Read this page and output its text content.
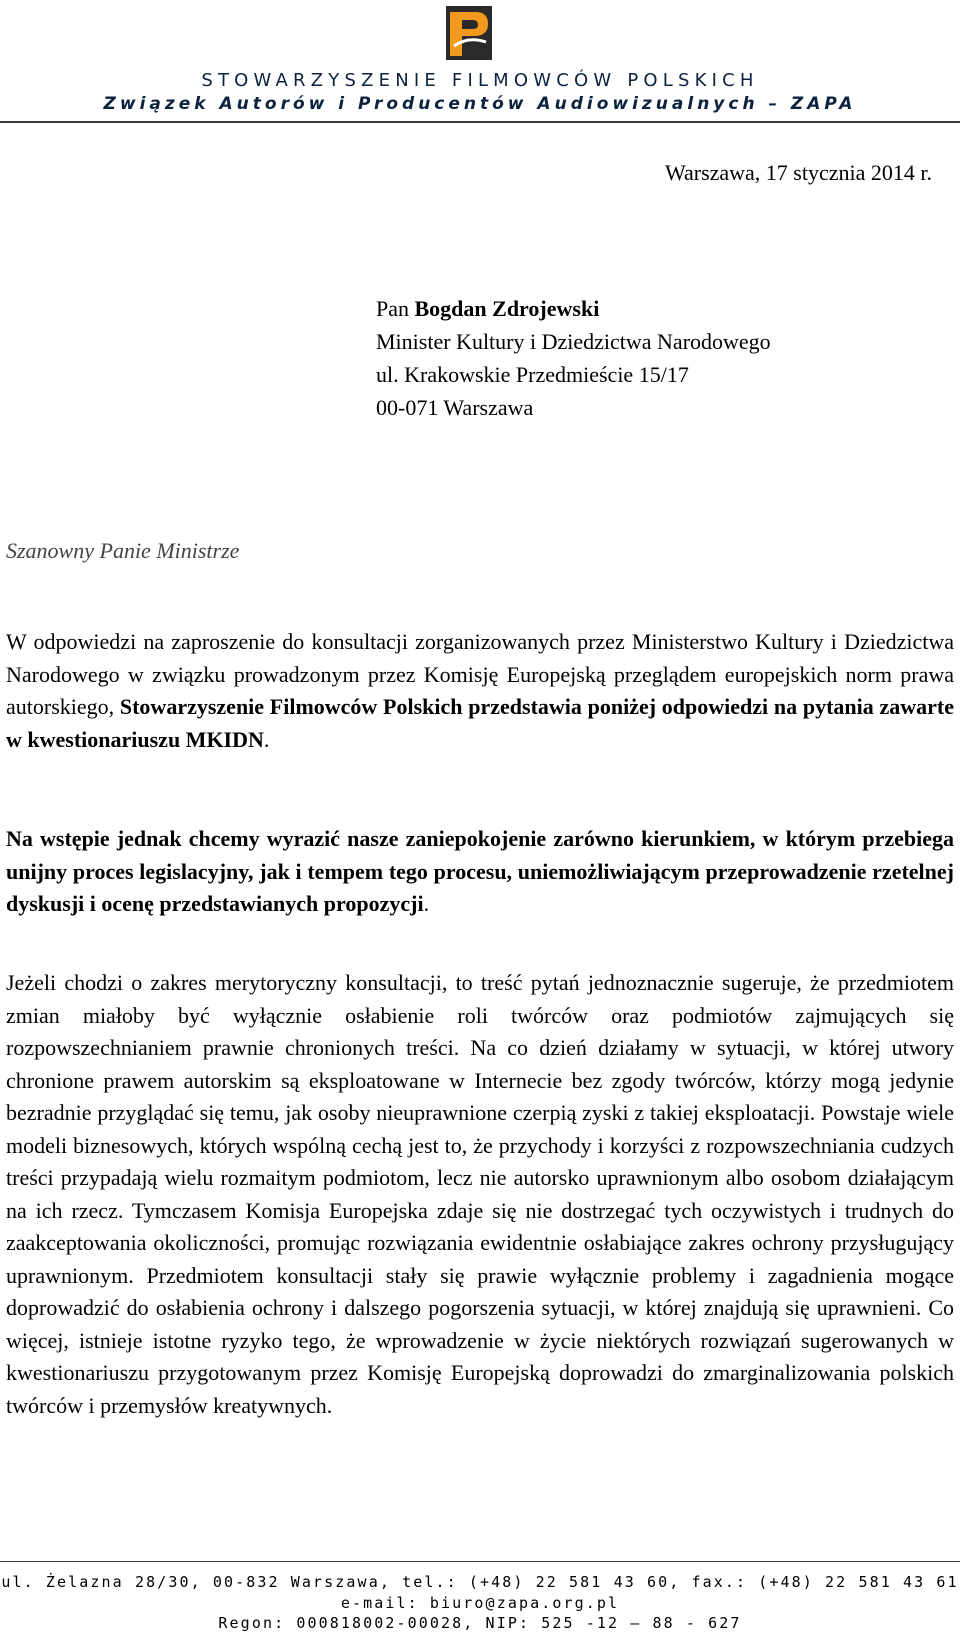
STOWARZYSZENIE FILMOWCÓW POLSKICH
Związek Autorów i Producentów Audiowizualnych – ZAPA
Warszawa, 17 stycznia 2014 r.
Pan Bogdan Zdrojewski
Minister Kultury i Dziedzictwa Narodowego
ul. Krakowskie Przedmieście 15/17
00-071 Warszawa
Szanowny Panie Ministrze
W odpowiedzi na zaproszenie do konsultacji zorganizowanych przez Ministerstwo Kultury i Dziedzictwa Narodowego w związku prowadzonym przez Komisję Europejską przeglądem europejskich norm prawa autorskiego, Stowarzyszenie Filmowców Polskich przedstawia poniżej odpowiedzi na pytania zawarte w kwestionariuszu MKIDN.
Na wstępie jednak chcemy wyrazić nasze zaniepokojenie zarówno kierunkiem, w którym przebiega unijny proces legislacyjny, jak i tempem tego procesu, uniemożliwiającym przeprowadzenie rzetelnej dyskusji i ocenę przedstawianych propozycji.
Jeżeli chodzi o zakres merytoryczny konsultacji, to treść pytań jednoznacznie sugeruje, że przedmiotem zmian miałoby być wyłącznie osłabienie roli twórców oraz podmiotów zajmujących się rozpowszechnianiem prawnie chronionych treści. Na co dzień działamy w sytuacji, w której utwory chronione prawem autorskim są eksploatowane w Internecie bez zgody twórców, którzy mogą jedynie bezradnie przyglądać się temu, jak osoby nieuprawnione czerpią zyski z takiej eksploatacji. Powstaje wiele modeli biznesowych, których wspólną cechą jest to, że przychody i korzyści z rozpowszechniania cudzych treści przypadają wielu rozmaitym podmiotom, lecz nie autorsko uprawnionym albo osobom działającym na ich rzecz. Tymczasem Komisja Europejska zdaje się nie dostrzegać tych oczywistych i trudnych do zaakceptowania okoliczności, promując rozwiązania ewidentnie osłabiające zakres ochrony przysługujący uprawnionym. Przedmiotem konsultacji stały się prawie wyłącznie problemy i zagadnienia mogące doprowadzić do osłabienia ochrony i dalszego pogorszenia sytuacji, w której znajdują się uprawnieni. Co więcej, istnieje istotne ryzyko tego, że wprowadzenie w życie niektórych rozwiązań sugerowanych w kwestionariuszu przygotowanym przez Komisję Europejską doprowadzi do zmarginalizowania polskich twórców i przemysłów kreatywnych.
ul. Żelazna 28/30, 00-832 Warszawa, tel.: (+48) 22 581 43 60, fax.: (+48) 22 581 43 61
e-mail: biuro@zapa.org.pl
Regon: 000818002-00028, NIP: 525 -12 – 88 - 627
